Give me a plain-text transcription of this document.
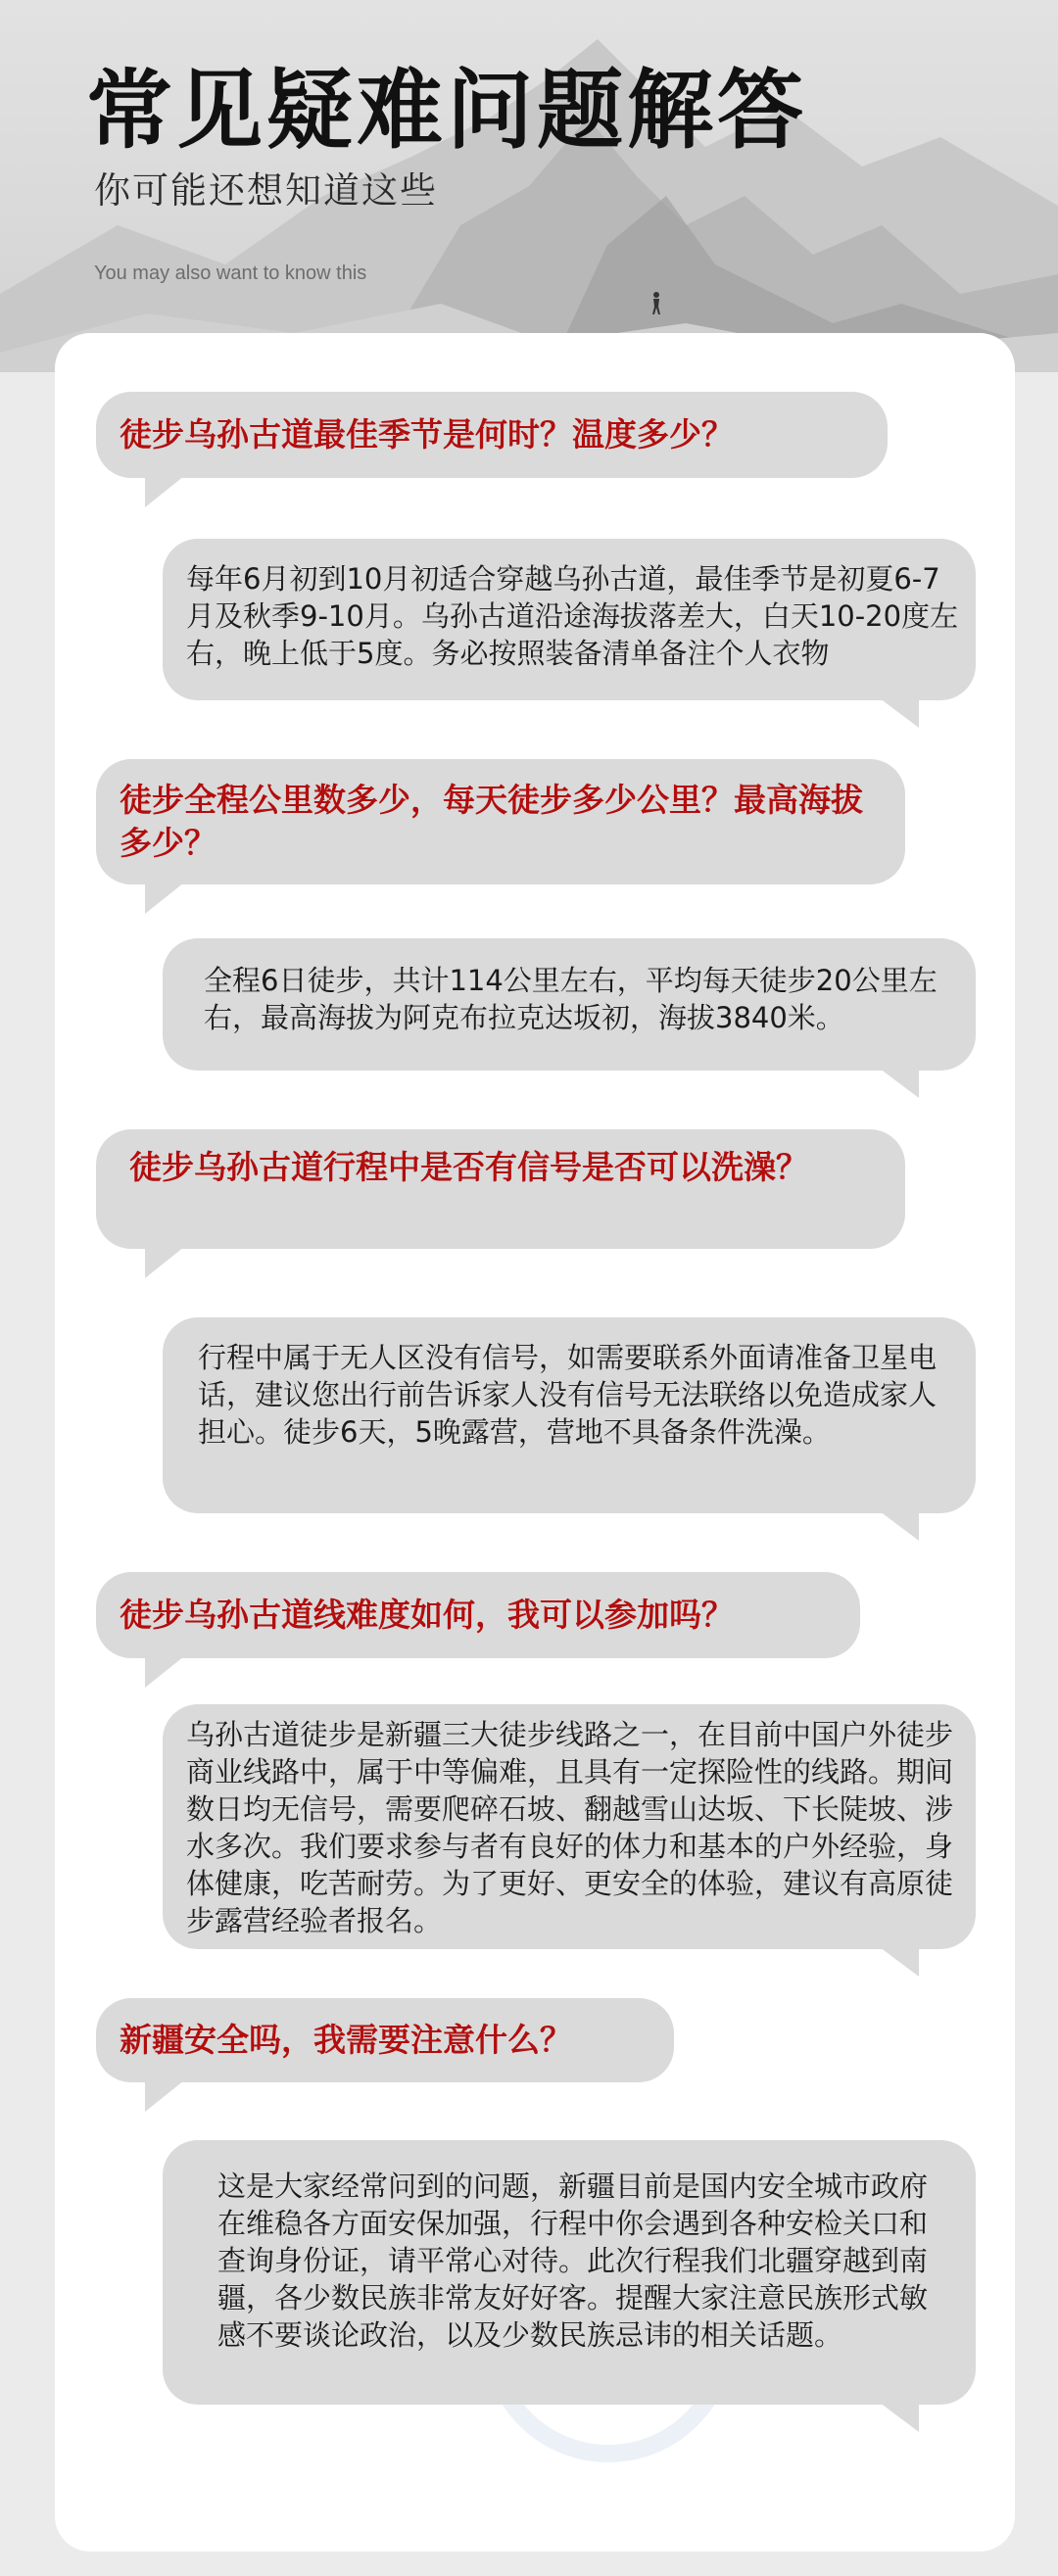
常见疑难问题解答
你可能还想知道这些
You may also want to know this
徒步乌孙古道最佳季节是何时？温度多少？
每年6月初到10月初适合穿越乌孙古道，最佳季节是初夏6-7月及秋季9-10月。乌孙古道沿途海拔落差大，白天10-20度左右，晚上低于5度。务必按照装备清单备注个人衣物
徒步全程公里数多少，每天徒步多少公里？最高海拔多少？
全程6日徒步，共计114公里左右，平均每天徒步20公里左右，最高海拔为阿克布拉克达坂初，海拔3840米。
徒步乌孙古道行程中是否有信号是否可以洗澡？
行程中属于无人区没有信号，如需要联系外面请准备卫星电话，建议您出行前告诉家人没有信号无法联络以免造成家人担心。徒步6天，5晚露营，营地不具备条件洗澡。
徒步乌孙古道线难度如何，我可以参加吗？
乌孙古道徒步是新疆三大徒步线路之一，在目前中国户外徒步商业线路中，属于中等偏难，且具有一定探险性的线路。期间数日均无信号，需要爬碎石坡、翻越雪山达坂、下长陡坡、涉水多次。我们要求参与者有良好的体力和基本的户外经验，身体健康，吃苦耐劳。为了更好、更安全的体验，建议有高原徒步露营经验者报名。
新疆安全吗，我需要注意什么？
这是大家经常问到的问题，新疆目前是国内安全城市政府在维稳各方面安保加强，行程中你会遇到各种安检关口和查询身份证，请平常心对待。此次行程我们北疆穿越到南疆，各少数民族非常友好好客。提醒大家注意民族形式敏感不要谈论政治，以及少数民族忌讳的相关话题。
